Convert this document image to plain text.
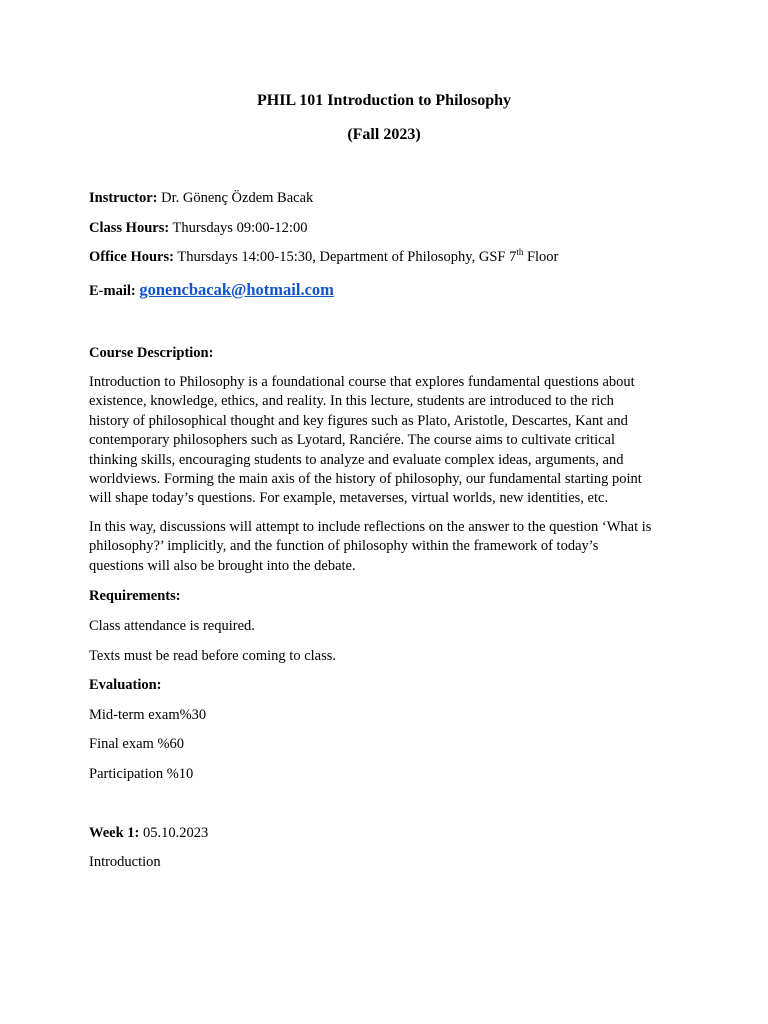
PHIL 101 Introduction to Philosophy
(Fall 2023)
Instructor: Dr. Gönenç Özdem Bacak
Class Hours: Thursdays 09:00-12:00
Office Hours: Thursdays 14:00-15:30, Department of Philosophy, GSF 7th Floor
E-mail: gonencbacak@hotmail.com
Course Description:
Introduction to Philosophy is a foundational course that explores fundamental questions about
existence, knowledge, ethics, and reality. In this lecture, students are introduced to the rich
history of philosophical thought and key figures such as Plato, Aristotle, Descartes, Kant and
contemporary philosophers such as Lyotard, Ranciére. The course aims to cultivate critical
thinking skills, encouraging students to analyze and evaluate complex ideas, arguments, and
worldviews. Forming the main axis of the history of philosophy, our fundamental starting point
will shape today’s questions. For example, metaverses, virtual worlds, new identities, etc.
In this way, discussions will attempt to include reflections on the answer to the question ‘What is
philosophy?’ implicitly, and the function of philosophy within the framework of today’s
questions will also be brought into the debate.
Requirements:
Class attendance is required.
Texts must be read before coming to class.
Evaluation:
Mid-term exam%30
Final exam %60
Participation %10
Week 1: 05.10.2023
Introduction
